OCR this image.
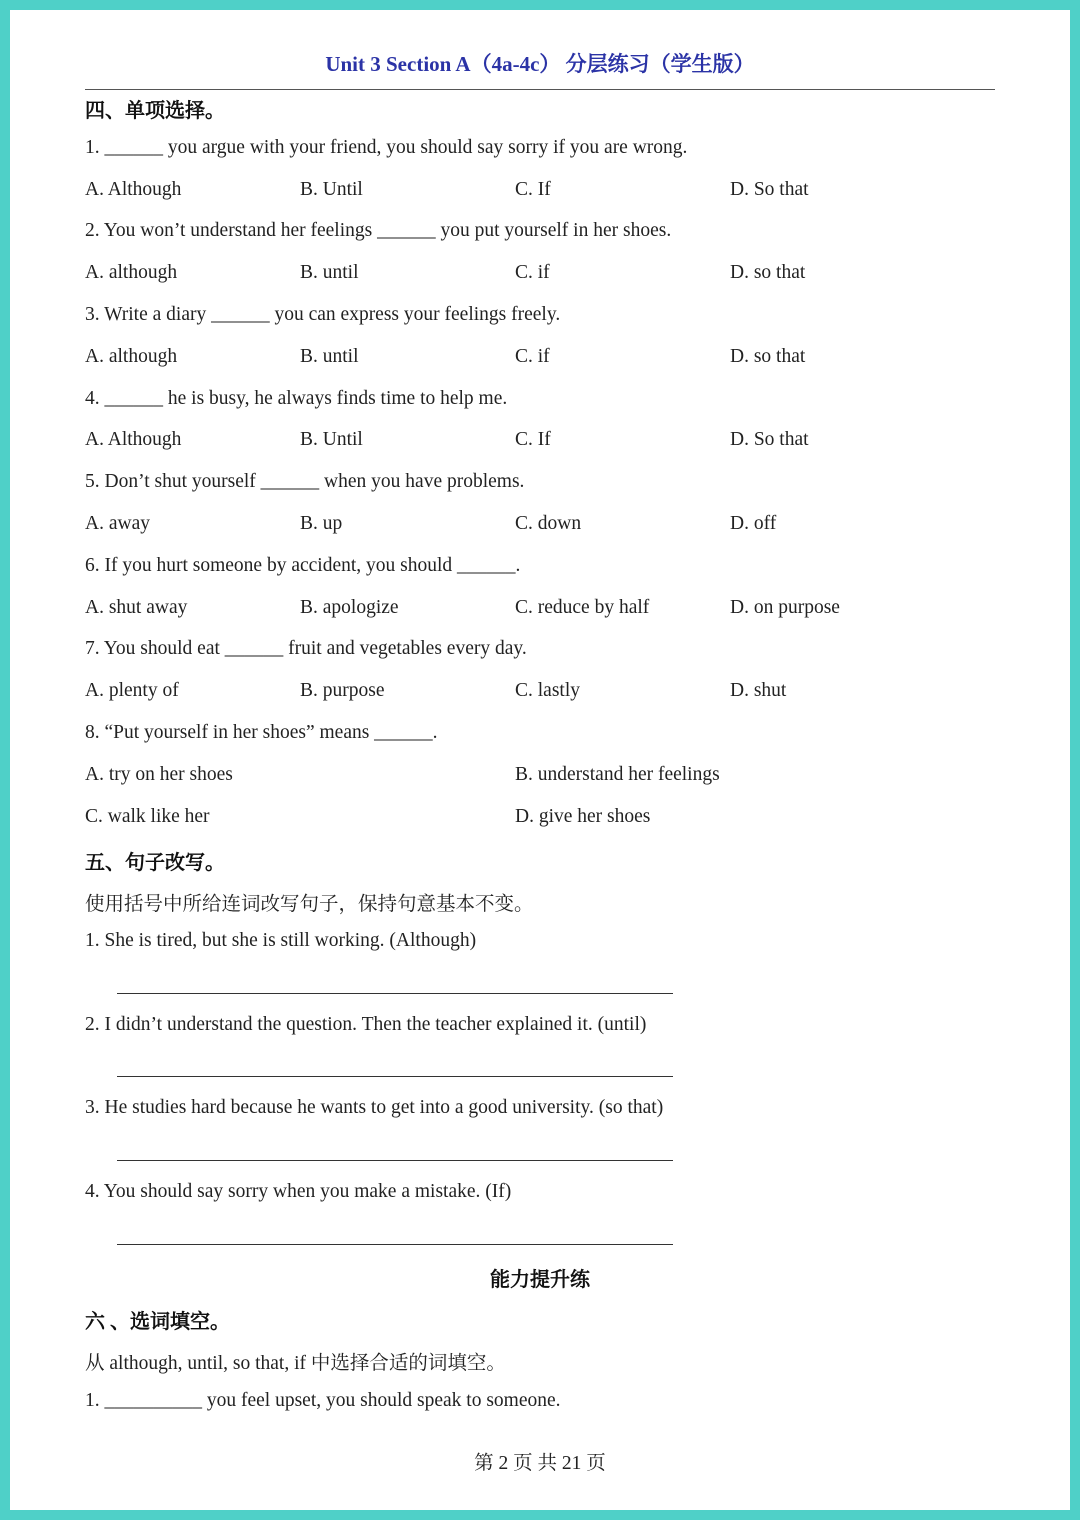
Unit 3 Section A（4a-4c） 分层练习（学生版）
四、单项选择。
1. ______ you argue with your friend, you should say sorry if you are wrong.
A. Although	B. Until	C. If	D. So that
2. You won’t understand her feelings ______ you put yourself in her shoes.
A. although	B. until	C. if	D. so that
3. Write a diary ______ you can express your feelings freely.
A. although	B. until	C. if	D. so that
4. ______ he is busy, he always finds time to help me.
A. Although	B. Until	C. If	D. So that
5. Don’t shut yourself ______ when you have problems.
A. away	B. up	C. down	D. off
6. If you hurt someone by accident, you should ______.
A. shut away	B. apologize	C. reduce by half	D. on purpose
7. You should eat ______ fruit and vegetables every day.
A. plenty of	B. purpose	C. lastly	D. shut
8. “Put yourself in her shoes” means ______.
A. try on her shoes	B. understand her feelings
C. walk like her	D. give her shoes
五、句子改写。
使用括号中所给连词改写句子，保持句意基本不变。
1. She is tired, but she is still working. (Although)
2. I didn’t understand the question. Then the teacher explained it. (until)
3. He studies hard because he wants to get into a good university. (so that)
4. You should say sorry when you make a mistake. (If)
能力提升练
六 、选词填空。
从 although, until, so that, if 中选择合适的词填空。
1. __________ you feel upset, you should speak to someone.
第 2 页 共 21 页
